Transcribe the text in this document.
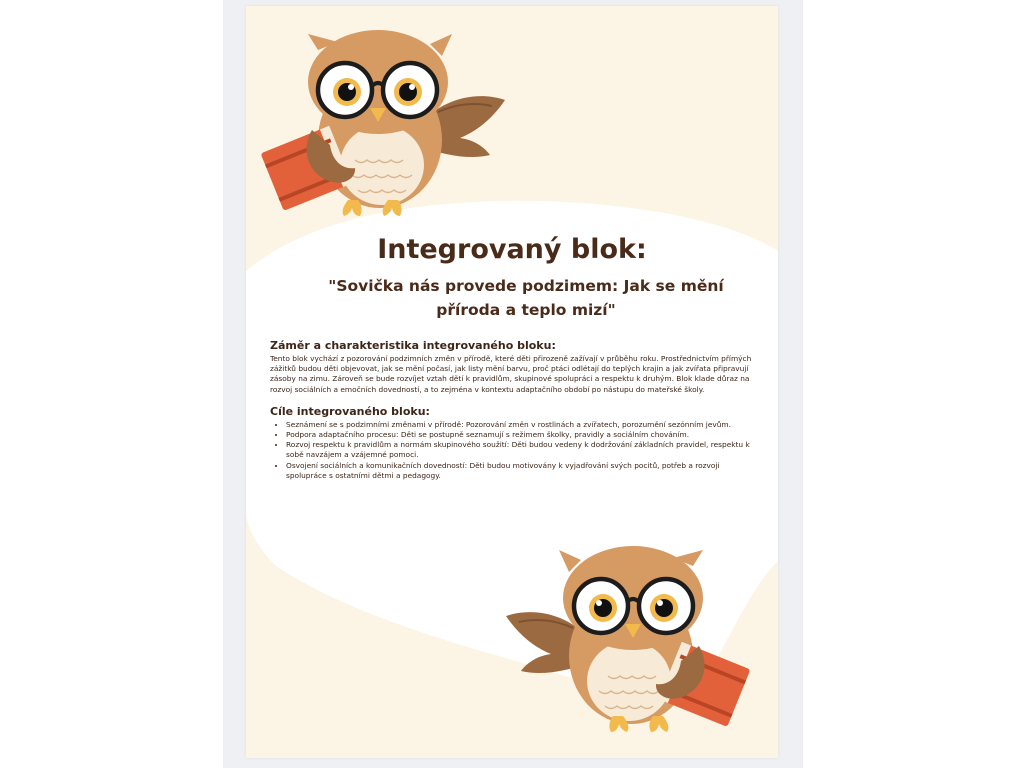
Integrovaný blok:
"Sovička nás provede podzimem: Jak se mění příroda a teplo mizí"
Záměr a charakteristika integrovaného bloku:

Tento blok vychází z pozorování podzimních změn v přírodě, které děti přirozeně zažívají v průběhu roku. Prostřednictvím přímých zážitků budou děti objevovat, jak se mění počasí, jak listy mění barvu, proč ptáci odlétají do teplých krajin a jak zvířata připravují zásoby na zimu. Zároveň se bude rozvíjet vztah dětí k pravidlům, skupinové spolupráci a respektu k druhým. Blok klade důraz na rozvoj sociálních a emočních dovedností, a to zejména v kontextu adaptačního období po nástupu do mateřské školy.

Cíle integrovaného bloku:
• Seznámení se s podzimními změnami v přírodě: Pozorování změn v rostlinách a zvířatech, porozumění sezónním jevům.
• Podpora adaptačního procesu: Děti se postupně seznamují s režimem školky, pravidly a sociálním chováním.
• Rozvoj respektu k pravidlům a normám skupinového soužití: Děti budou vedeny k dodržování základních pravidel, respektu k sobě navzájem a vzájemné pomoci.
• Osvojení sociálních a komunikačních dovedností: Děti budou motivovány k vyjadřování svých pocitů, potřeb a rozvoji spolupráce s ostatními dětmi a pedagogy.
